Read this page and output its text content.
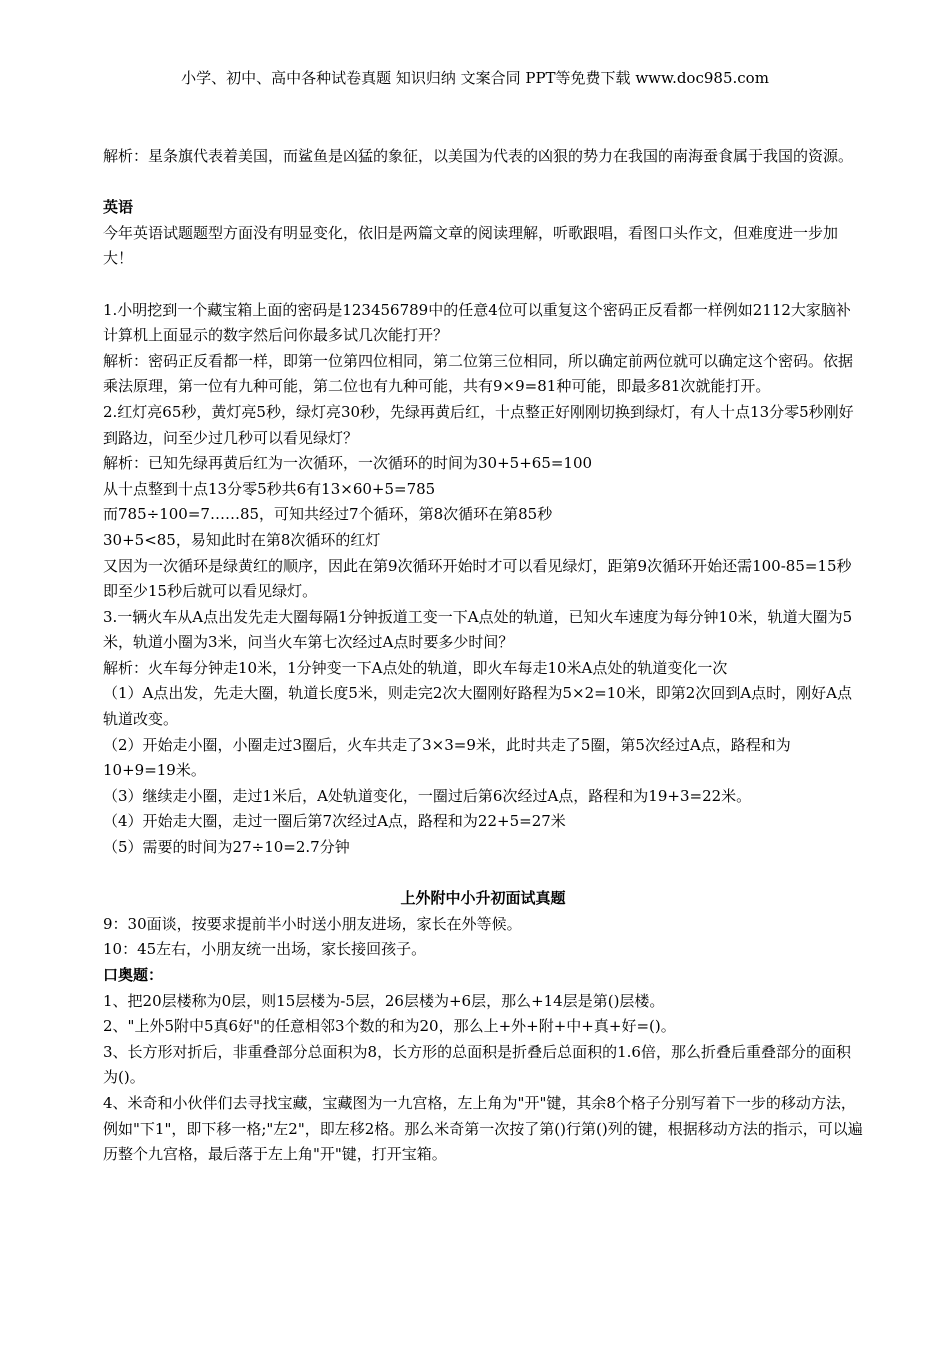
小学、初中、高中各种试卷真题 知识归纳 文案合同 PPT等免费下载 www.doc985.com

解析：星条旗代表着美国，而鲨鱼是凶猛的象征，以美国为代表的凶狠的势力在我国的南海蚕食属于我国的资源。

英语

今年英语试题题型方面没有明显变化，依旧是两篇文章的阅读理解，听歌跟唱，看图口头作文，但难度进一步加大！

1.小明挖到一个藏宝箱上面的密码是123456789中的任意4位可以重复这个密码正反看都一样例如2112大家脑补计算机上面显示的数字然后问你最多试几次能打开？

解析：密码正反看都一样，即第一位第四位相同，第二位第三位相同，所以确定前两位就可以确定这个密码。依据乘法原理，第一位有九种可能，第二位也有九种可能，共有9×9=81种可能，即最多81次就能打开。

2.红灯亮65秒，黄灯亮5秒，绿灯亮30秒，先绿再黄后红，十点整正好刚刚切换到绿灯，有人十点13分零5秒刚好到路边，问至少过几秒可以看见绿灯？

解析：已知先绿再黄后红为一次循环，一次循环的时间为30+5+65=100

从十点整到十点13分零5秒共6有13×60+5=785

而785÷100=7……85，可知共经过7个循环，第8次循环在第85秒

30+5<85，易知此时在第8次循环的红灯

又因为一次循环是绿黄红的顺序，因此在第9次循环开始时才可以看见绿灯，距第9次循环开始还需100-85=15秒

即至少15秒后就可以看见绿灯。

3.一辆火车从A点出发先走大圈每隔1分钟扳道工变一下A点处的轨道，已知火车速度为每分钟10米，轨道大圈为5米，轨道小圈为3米，问当火车第七次经过A点时要多少时间？

解析：火车每分钟走10米，1分钟变一下A点处的轨道，即火车每走10米A点处的轨道变化一次

（1）A点出发，先走大圈，轨道长度5米，则走完2次大圈刚好路程为5×2=10米，即第2次回到A点时，刚好A点轨道改变。

（2）开始走小圈，小圈走过3圈后，火车共走了3×3=9米，此时共走了5圈，第5次经过A点，路程和为10+9=19米。

（3）继续走小圈，走过1米后，A处轨道变化，一圈过后第6次经过A点，路程和为19+3=22米。

（4）开始走大圈，走过一圈后第7次经过A点，路程和为22+5=27米

（5）需要的时间为27÷10=2.7分钟

上外附中小升初面试真题

9：30面谈，按要求提前半小时送小朋友进场，家长在外等候。

10：45左右，小朋友统一出场，家长接回孩子。

口奥题：

1、把20层楼称为0层，则15层楼为-5层，26层楼为+6层，那么+14层是第()层楼。

2、"上外5附中5真6好"的任意相邻3个数的和为20，那么上+外+附+中+真+好=()。

3、长方形对折后，非重叠部分总面积为8，长方形的总面积是折叠后总面积的1.6倍，那么折叠后重叠部分的面积为()。

4、米奇和小伙伴们去寻找宝藏，宝藏图为一九宫格，左上角为"开"键，其余8个格子分别写着下一步的移动方法，例如"下1"，即下移一格;"左2"，即左移2格。那么米奇第一次按了第()行第()列的键，根据移动方法的指示，可以遍历整个九宫格，最后落于左上角"开"键，打开宝箱。
